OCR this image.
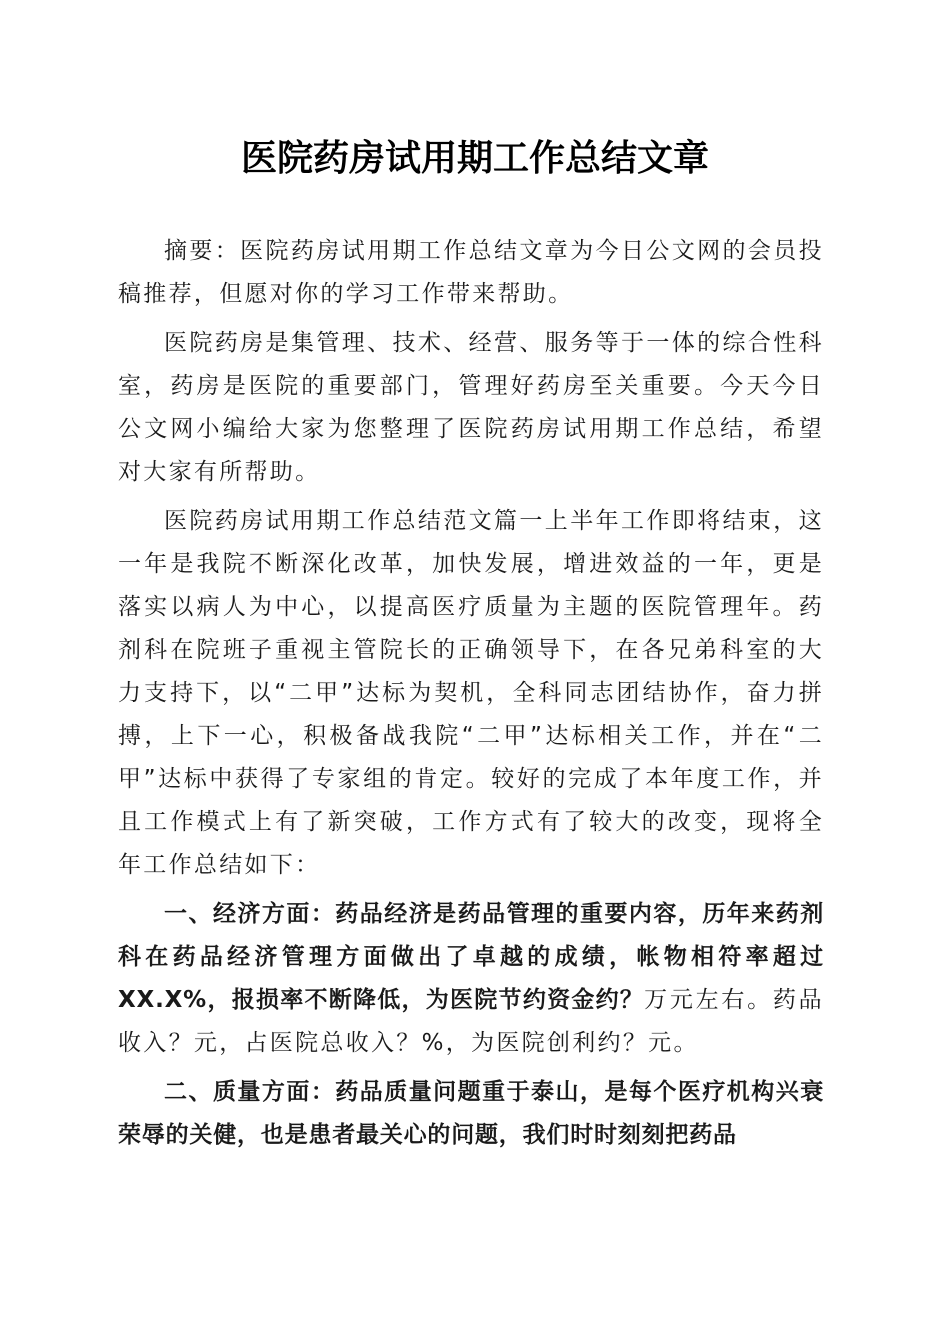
医院药房试用期工作总结文章

摘要：医院药房试用期工作总结文章为今日公文网的会员投稿推荐，但愿对你的学习工作带来帮助。

医院药房是集管理、技术、经营、服务等于一体的综合性科室，药房是医院的重要部门，管理好药房至关重要。今天今日公文网小编给大家为您整理了医院药房试用期工作总结，希望对大家有所帮助。

医院药房试用期工作总结范文篇一上半年工作即将结束，这一年是我院不断深化改革，加快发展，增进效益的一年，更是落实以病人为中心，以提高医疗质量为主题的医院管理年。药剂科在院班子重视主管院长的正确领导下，在各兄弟科室的大力支持下，以“二甲”达标为契机，全科同志团结协作，奋力拼搏，上下一心，积极备战我院“二甲”达标相关工作，并在“二甲”达标中获得了专家组的肯定。较好的完成了本年度工作，并且工作模式上有了新突破，工作方式有了较大的改变，现将全年工作总结如下：

一、经济方面：药品经济是药品管理的重要内容，历年来药剂科在药品经济管理方面做出了卓越的成绩，帐物相符率超过XX.X%，报损率不断降低，为医院节约资金约？万元左右。药品收入？元，占医院总收入？%，为医院创利约？元。

二、质量方面：药品质量问题重于泰山，是每个医疗机构兴衰荣辱的关健，也是患者最关心的问题，我们时时刻刻把药品
